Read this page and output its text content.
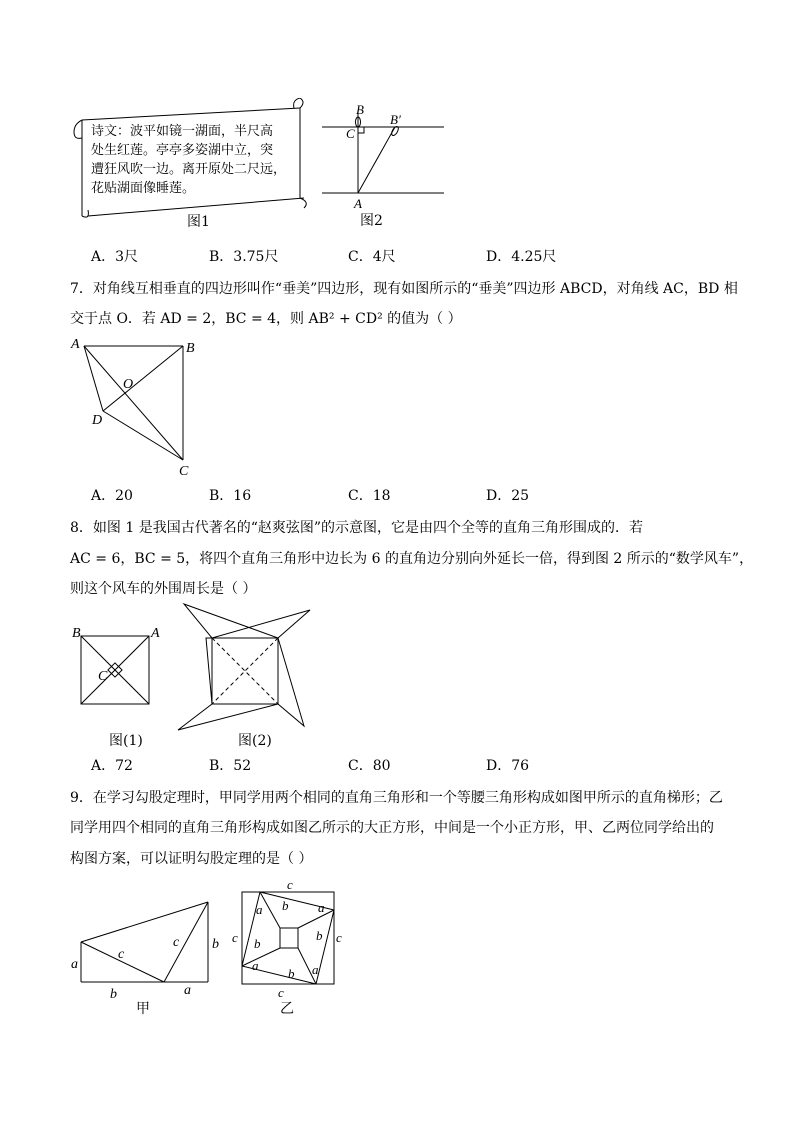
诗文：波平如镜一湖面，半尺高
处生红莲。亭亭多姿湖中立，突
遭狂风吹一边。离开原处二尺远，
花贴湖面像睡莲。
图1
B
B′
C
A
图2
A．3尺	B．3.75尺	C．4尺	D．4.25尺
7．对角线互相垂直的四边形叫作“垂美”四边形，现有如图所示的“垂美”四边形 ABCD，对角线 AC，BD 相
交于点 O．若 AD = 2，BC = 4，则 AB² + CD² 的值为（ ）
A	B
O
D
C
A．20	B．16	C．18	D．25
8．如图 1 是我国古代著名的“赵爽弦图”的示意图，它是由四个全等的直角三角形围成的．若
AC = 6，BC = 5，将四个直角三角形中边长为 6 的直角边分别向外延长一倍，得到图 2 所示的“数学风车”，
则这个风车的外围周长是（ ）
B	A
C
图(1)	图(2)
A．72	B．52	C．80	D．76
9．在学习勾股定理时，甲同学用两个相同的直角三角形和一个等腰三角形构成如图甲所示的直角梯形；乙
同学用四个相同的直角三角形构成如图乙所示的大正方形，中间是一个小正方形，甲、乙两位同学给出的
构图方案，可以证明勾股定理的是（ ）
a
c
c b
b	a
甲
c
a b a
c b
b c
a
b a
c
乙
